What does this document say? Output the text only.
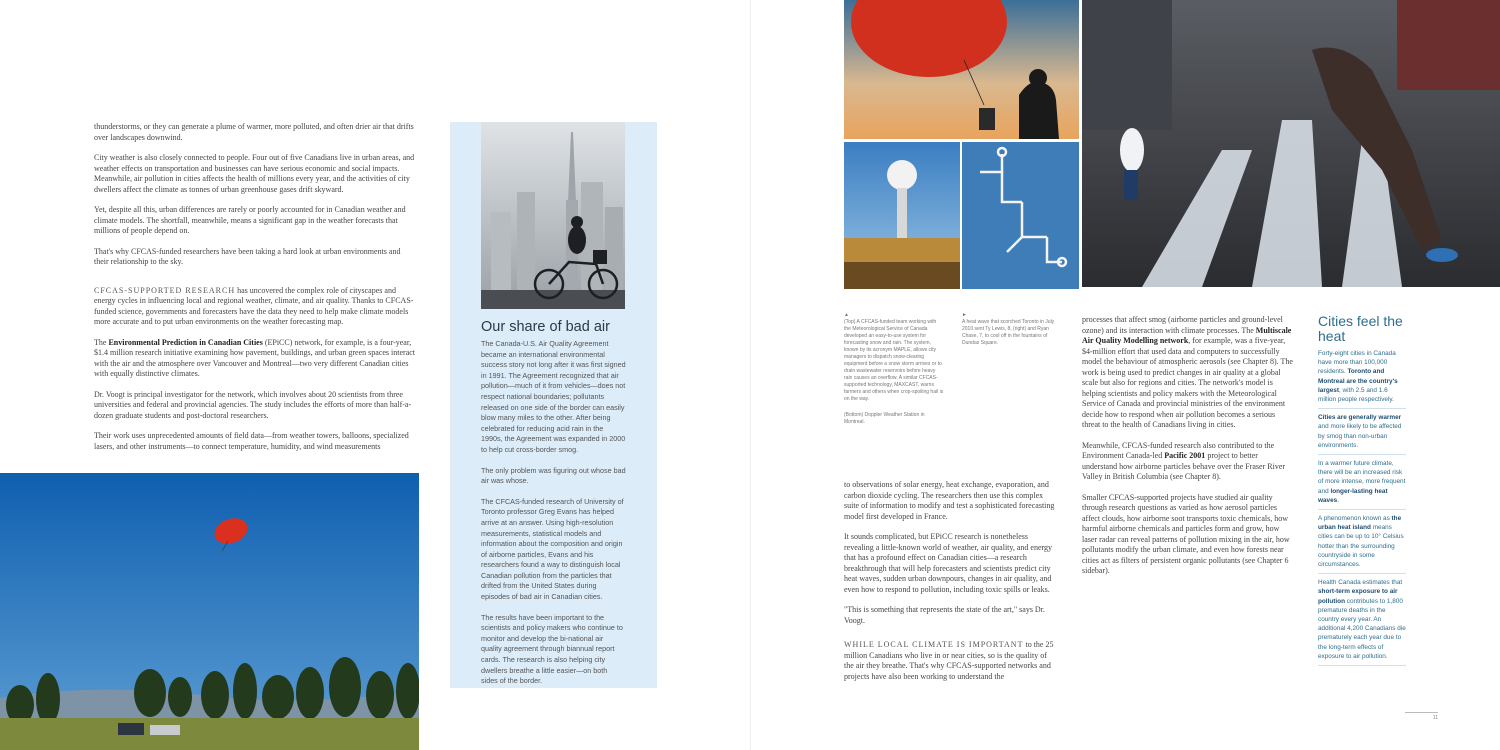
thunderstorms, or they can generate a plume of warmer, more polluted, and often drier air that drifts over landscapes downwind.

City weather is also closely connected to people. Four out of five Canadians live in urban areas, and weather effects on transportation and businesses can have serious economic and social impacts. Meanwhile, air pollution in cities affects the health of millions every year, and the activities of city dwellers affect the climate as tonnes of urban greenhouse gases drift skyward.

Yet, despite all this, urban differences are rarely or poorly accounted for in Canadian weather and climate models. The shortfall, meanwhile, means a significant gap in the weather forecasts that millions of people depend on.

That's why CFCAS-funded researchers have been taking a hard look at urban environments and their relationship to the sky.

CFCAS-SUPPORTED RESEARCH has uncovered the complex role of cityscapes and energy cycles in influencing local and regional weather, climate, and air quality. Thanks to CFCAS-funded science, governments and forecasters have the data they need to help make climate models more accurate and to put urban environments on the weather forecasting map.

The Environmental Prediction in Canadian Cities (EPiCC) network, for example, is a four-year, $1.4 million research initiative examining how pavement, buildings, and urban green spaces interact with the air and the atmosphere over Vancouver and Montreal—two very different Canadian cities with equally distinctive climates.

Dr. Voogt is principal investigator for the network, which involves about 20 scientists from three universities and federal and provincial agencies. The study includes the efforts of more than half-a-dozen graduate students and post-doctoral researchers.

Their work uses unprecedented amounts of field data—from weather towers, balloons, specialized lasers, and other instruments—to connect temperature, humidity, and wind measurements

Our share of bad air

The Canada-U.S. Air Quality Agreement became an international environmental success story not long after it was first signed in 1991. The Agreement recognized that air pollution—much of it from vehicles—does not respect national boundaries; pollutants released on one side of the border can easily blow many miles to the other. After being celebrated for reducing acid rain in the 1990s, the Agreement was expanded in 2000 to help cut cross-border smog.

The only problem was figuring out whose bad air was whose.

The CFCAS-funded research of University of Toronto professor Greg Evans has helped arrive at an answer. Using high-resolution measurements, statistical models and information about the composition and origin of airborne particles, Evans and his researchers found a way to distinguish local Canadian pollution from the particles that drifted from the United States during episodes of bad air in Canadian cities.

The results have been important to the scientists and policy makers who continue to monitor and develop the bi-national air quality agreement through biannual report cards. The research is also helping city dwellers breathe a little easier—on both sides of the border.

▲
(Top) A CFCAS-funded team working with the Meteorological Service of Canada developed an easy-to-use system for forecasting snow and rain. The system, known by its acronym MAPLE, allows city managers to dispatch snow-clearing equipment before a snow storm arrives or to drain wastewater reservoirs before heavy rain causes an overflow. A similar CFCAS-supported technology, MAXCAST, warns farmers and others when crop-spoiling hail is on the way.
(Bottom) Doppler Weather Station in Montreal.
►
A heat wave that scorched Toronto in July 2010 sent Ty Lewis, 8, (right) and Ryan Chase, 7, to cool off in the fountains of Dundas Square.

to observations of solar energy, heat exchange, evaporation, and carbon dioxide cycling. The researchers then use this complex suite of information to modify and test a sophisticated forecasting model first developed in France.

It sounds complicated, but EPiCC research is nonetheless revealing a little-known world of weather, air quality, and energy that has a profound effect on Canadian cities—a research breakthrough that will help forecasters and scientists predict city heat waves, sudden urban downpours, changes in air quality, and even how to respond to pollution, including toxic spills or leaks.

"This is something that represents the state of the art," says Dr. Voogt.

WHILE LOCAL CLIMATE IS IMPORTANT to the 25 million Canadians who live in or near cities, so is the quality of the air they breathe. That's why CFCAS-supported networks and projects have also been working to understand the

processes that affect smog (airborne particles and ground-level ozone) and its interaction with climate processes. The Multiscale Air Quality Modelling network, for example, was a five-year, $4-million effort that used data and computers to successfully model the behaviour of atmospheric aerosols (see Chapter 8). The work is being used to predict changes in air quality at a global scale but also for regions and cities. The network's model is helping scientists and policy makers with the Meteorological Service of Canada and provincial ministries of the environment decide how to respond when air pollution becomes a serious threat to the health of Canadians living in cities.

Meanwhile, CFCAS-funded research also contributed to the Environment Canada-led Pacific 2001 project to better understand how airborne particles behave over the Fraser River Valley in British Columbia (see Chapter 8).

Smaller CFCAS-supported projects have studied air quality through research questions as varied as how aerosol particles affect clouds, how airborne soot transports toxic chemicals, how harmful airborne chemicals and particles form and grow, how laser radar can reveal patterns of pollution mixing in the air, how pollutants modify the urban climate, and even how forests near cities act as filters of persistent organic pollutants (see Chapter 6 sidebar).

Cities feel the heat

Forty-eight cities in Canada have more than 100,000 residents. Toronto and Montreal are the country's largest, with 2.5 and 1.6 million people respectively.

Cities are generally warmer and more likely to be affected by smog than non-urban environments.

In a warmer future climate, there will be an increased risk of more intense, more frequent and longer-lasting heat waves.

A phenomenon known as the urban heat island means cities can be up to 10° Celsius hotter than the surrounding countryside in some circumstances.

Health Canada estimates that short-term exposure to air pollution contributes to 1,800 premature deaths in the country every year. An additional 4,200 Canadians die prematurely each year due to the long-term effects of exposure to air pollution.

11
